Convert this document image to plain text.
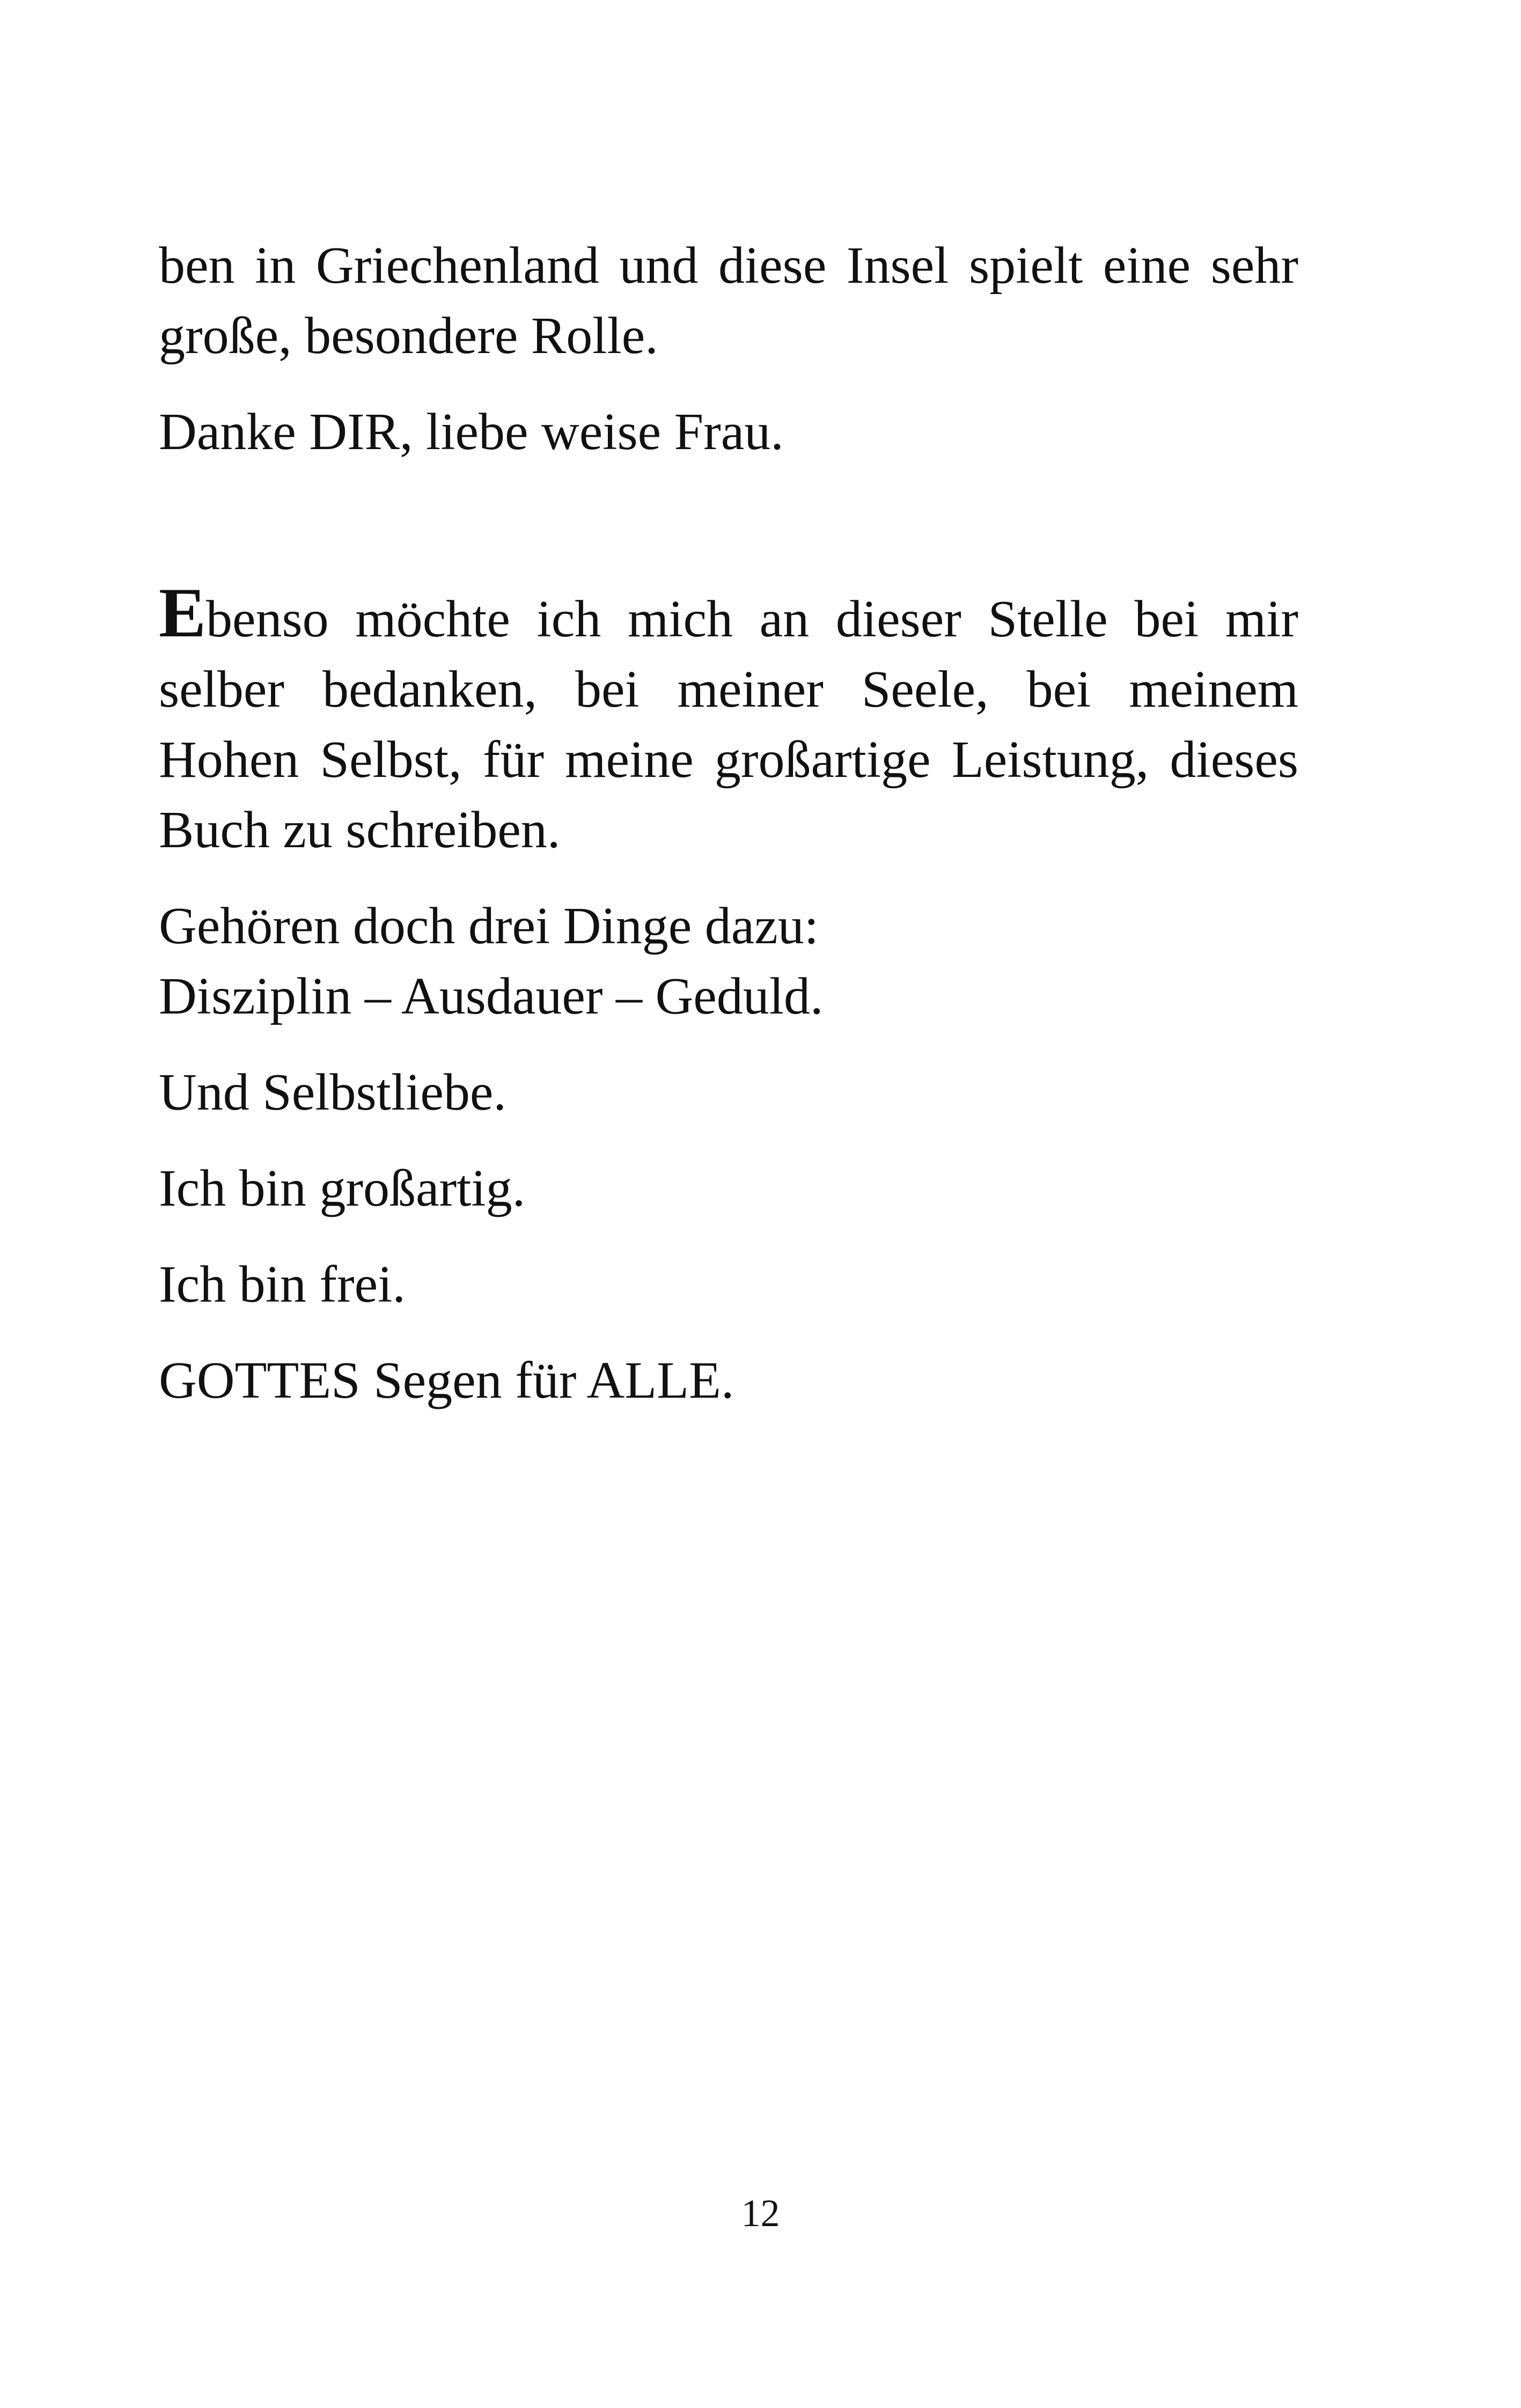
ben in Griechenland und diese Insel spielt eine sehr große, besondere Rolle.

Danke DIR, liebe weise Frau.

Ebenso möchte ich mich an dieser Stelle bei mir selber bedanken, bei meiner Seele, bei meinem Hohen Selbst, für meine großartige Leistung, dieses Buch zu schreiben.

Gehören doch drei Dinge dazu:
Disziplin – Ausdauer – Geduld.

Und Selbstliebe.

Ich bin großartig.

Ich bin frei.

GOTTES Segen für ALLE.

12
